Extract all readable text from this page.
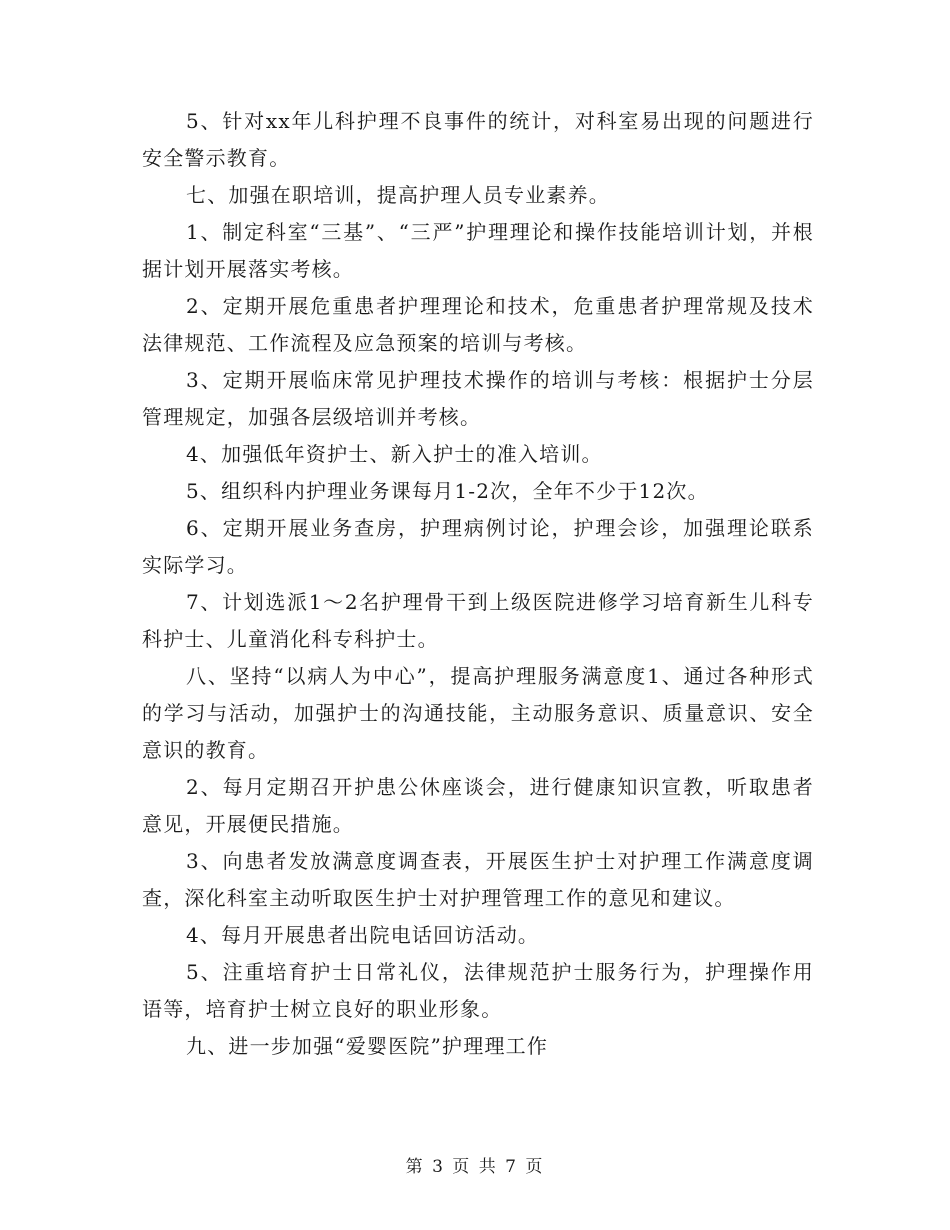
5、针对xx年儿科护理不良事件的统计，对科室易出现的问题进行安全警示教育。

七、加强在职培训，提高护理人员专业素养。

1、制定科室“三基”、“三严”护理理论和操作技能培训计划，并根据计划开展落实考核。

2、定期开展危重患者护理理论和技术，危重患者护理常规及技术法律规范、工作流程及应急预案的培训与考核。

3、定期开展临床常见护理技术操作的培训与考核：根据护士分层管理规定，加强各层级培训并考核。

4、加强低年资护士、新入护士的准入培训。

5、组织科内护理业务课每月1-2次，全年不少于12次。

6、定期开展业务查房，护理病例讨论，护理会诊，加强理论联系实际学习。

7、计划选派1～2名护理骨干到上级医院进修学习培育新生儿科专科护士、儿童消化科专科护士。

八、坚持“以病人为中心”，提高护理服务满意度1、通过各种形式的学习与活动，加强护士的沟通技能，主动服务意识、质量意识、安全意识的教育。

2、每月定期召开护患公休座谈会，进行健康知识宣教，听取患者意见，开展便民措施。

3、向患者发放满意度调查表，开展医生护士对护理工作满意度调查，深化科室主动听取医生护士对护理管理工作的意见和建议。

4、每月开展患者出院电话回访活动。

5、注重培育护士日常礼仪，法律规范护士服务行为，护理操作用语等，培育护士树立良好的职业形象。

九、进一步加强“爱婴医院”护理理工作

第 3 页 共 7 页
